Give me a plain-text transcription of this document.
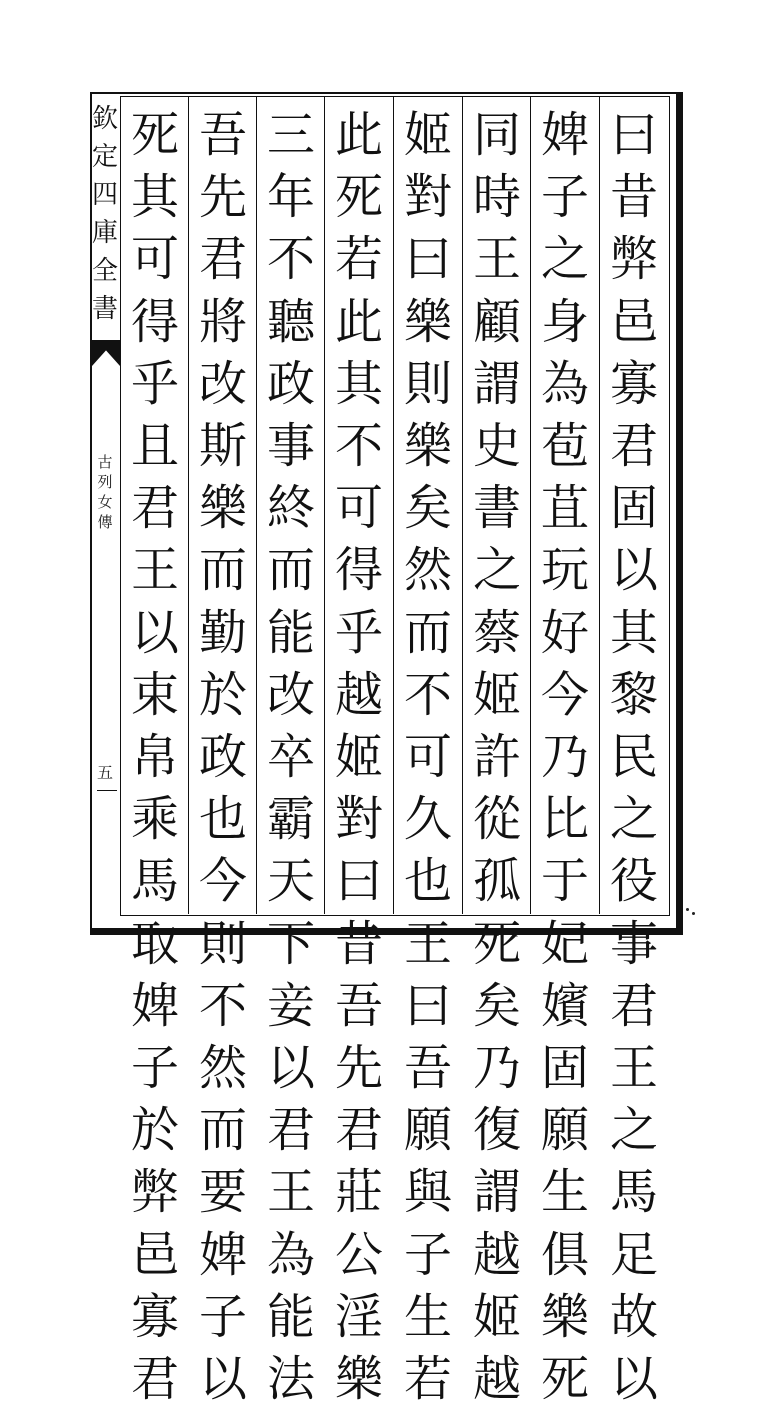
欽
定
四
庫
全
書
古
列
女
傳
五
曰
昔
弊
邑
寡
君
固
以
其
黎
民
之
役
事
君
王
之
馬
足
故
以
婢
子
之
身
為
苞
苴
玩
好
今
乃
比
于
妃
嬪
固
願
生
俱
樂
死
同
時
王
顧
謂
史
書
之
蔡
姬
許
從
孤
死
矣
乃
復
謂
越
姬
越
姬
對
曰
樂
則
樂
矣
然
而
不
可
久
也
王
曰
吾
願
與
子
生
若
此
死
若
此
其
不
可
得
乎
越
姬
對
曰
昔
吾
先
君
莊
公
淫
樂
三
年
不
聽
政
事
終
而
能
改
卒
霸
天
下
妾
以
君
王
為
能
法
吾
先
君
將
改
斯
樂
而
勤
於
政
也
今
則
不
然
而
要
婢
子
以
死
其
可
得
乎
且
君
王
以
束
帛
乘
馬
取
婢
子
於
弊
邑
寡
君
